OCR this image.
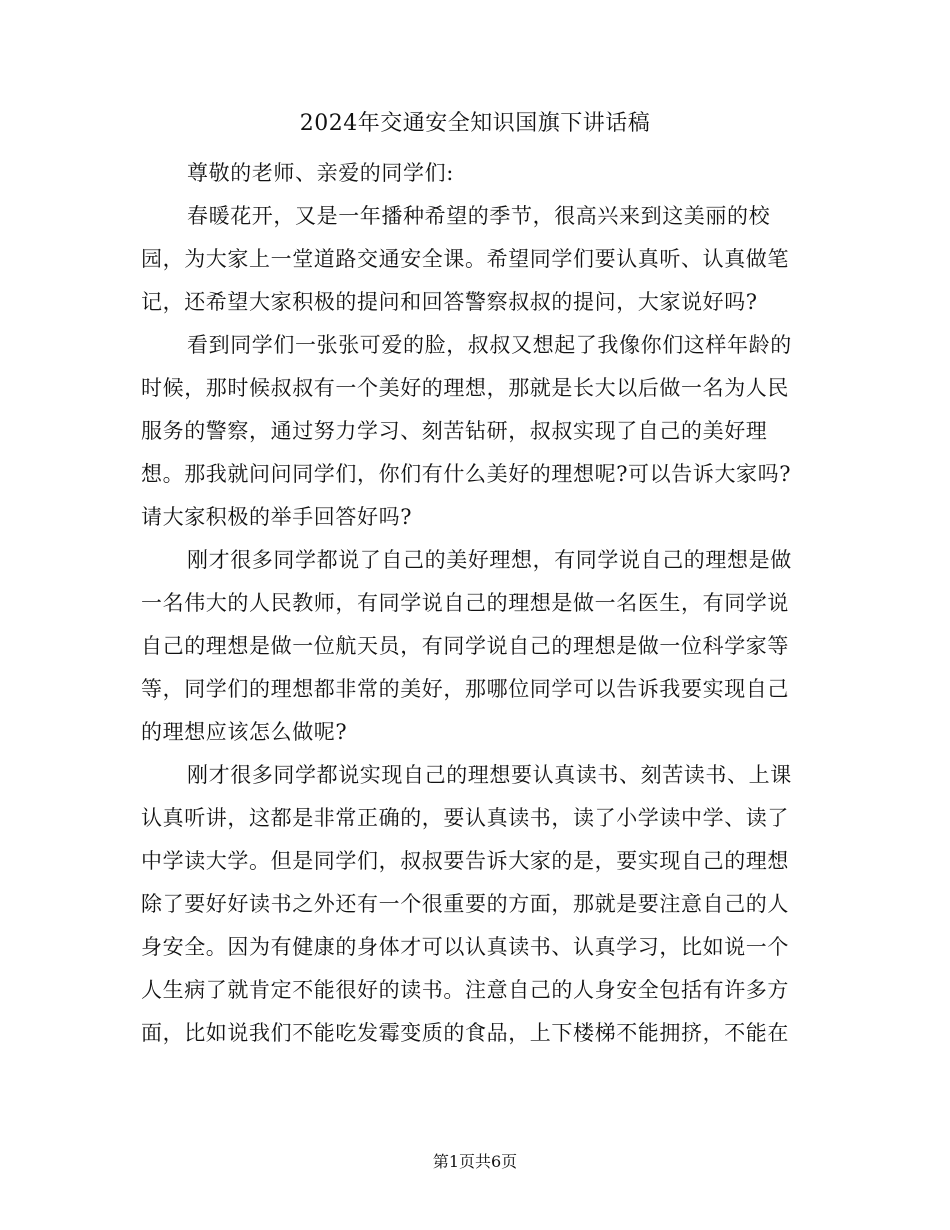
2024年交通安全知识国旗下讲话稿
尊敬的老师、亲爱的同学们:
春暖花开，又是一年播种希望的季节，很高兴来到这美丽的校
园，为大家上一堂道路交通安全课。希望同学们要认真听、认真做笔
记，还希望大家积极的提问和回答警察叔叔的提问，大家说好吗?
看到同学们一张张可爱的脸，叔叔又想起了我像你们这样年龄的
时候，那时候叔叔有一个美好的理想，那就是长大以后做一名为人民
服务的警察，通过努力学习、刻苦钻研，叔叔实现了自己的美好理
想。那我就问问同学们，你们有什么美好的理想呢?可以告诉大家吗?
请大家积极的举手回答好吗?
刚才很多同学都说了自己的美好理想，有同学说自己的理想是做
一名伟大的人民教师，有同学说自己的理想是做一名医生，有同学说
自己的理想是做一位航天员，有同学说自己的理想是做一位科学家等
等，同学们的理想都非常的美好，那哪位同学可以告诉我要实现自己
的理想应该怎么做呢?
刚才很多同学都说实现自己的理想要认真读书、刻苦读书、上课
认真听讲，这都是非常正确的，要认真读书，读了小学读中学、读了
中学读大学。但是同学们，叔叔要告诉大家的是，要实现自己的理想
除了要好好读书之外还有一个很重要的方面，那就是要注意自己的人
身安全。因为有健康的身体才可以认真读书、认真学习，比如说一个
人生病了就肯定不能很好的读书。注意自己的人身安全包括有许多方
面，比如说我们不能吃发霉变质的食品，上下楼梯不能拥挤，不能在
第1页共6页
